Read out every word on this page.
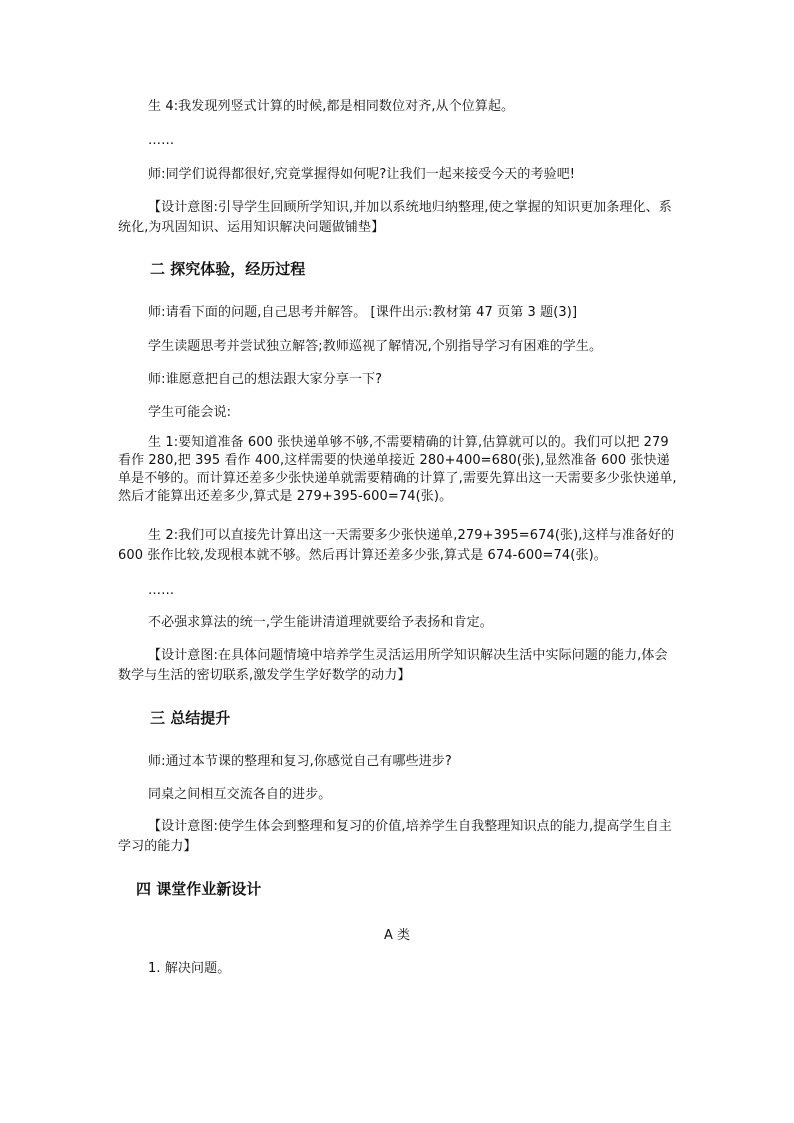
生 4:我发现列竖式计算的时候,都是相同数位对齐,从个位算起。

……

师:同学们说得都很好,究竟掌握得如何呢?让我们一起来接受今天的考验吧!

【设计意图:引导学生回顾所学知识,并加以系统地归纳整理,使之掌握的知识更加条理化、系统化,为巩固知识、运用知识解决问题做铺垫】

二 探究体验，经历过程

师:请看下面的问题,自己思考并解答。 [课件出示:教材第 47 页第 3 题(3)]

学生读题思考并尝试独立解答;教师巡视了解情况,个别指导学习有困难的学生。

师:谁愿意把自己的想法跟大家分享一下?

学生可能会说:

生 1:要知道准备 600 张快递单够不够,不需要精确的计算,估算就可以的。我们可以把 279 看作 280,把 395 看作 400,这样需要的快递单接近 280+400=680(张),显然准备 600 张快递单是不够的。而计算还差多少张快递单就需要精确的计算了,需要先算出这一天需要多少张快递单,然后才能算出还差多少,算式是 279+395-600=74(张)。

生 2:我们可以直接先计算出这一天需要多少张快递单,279+395=674(张),这样与准备好的 600 张作比较,发现根本就不够。然后再计算还差多少张,算式是 674-600=74(张)。

……

不必强求算法的统一,学生能讲清道理就要给予表扬和肯定。

【设计意图:在具体问题情境中培养学生灵活运用所学知识解决生活中实际问题的能力,体会数学与生活的密切联系,激发学生学好数学的动力】

三 总结提升

师:通过本节课的整理和复习,你感觉自己有哪些进步?

同桌之间相互交流各自的进步。

【设计意图:使学生体会到整理和复习的价值,培养学生自我整理知识点的能力,提高学生自主学习的能力】

四 课堂作业新设计
A 类

1. 解决问题。
